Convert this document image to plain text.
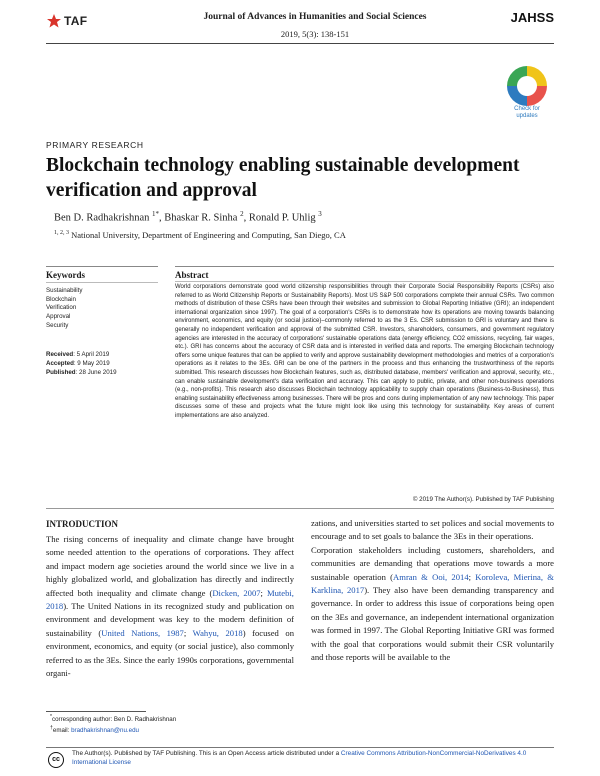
TAF	Journal of Advances in Humanities and Social Sciences
2019, 5(3): 138-151
JAHSS
Check for
updates
PRIMARY RESEARCH
Blockchain technology enabling sustainable development verification and approval
Ben D. Radhakrishnan $^{1*}$, Bhaskar R. Sinha $^2$, Ronald P. Uhlig $^3$
$^{1, 2, 3}$ National University, Department of Engineering and Computing, San Diego, CA
Keywords	Abstract
Sustainability
Blockchain
Verification
Approval
Security
Received: 5 April 2019
Accepted: 9 May 2019
Published: 28 June 2019
World corporations demonstrate good world citizenship responsibilities through their Corporate Social Responsibility Reports (CSRs) also referred to as World Citizenship Reports or Sustainability Reports). Most US S&P 500 corporations complete their annual CSRs. Two common methods of distribution of these CSRs have been through their websites and submission to Global Reporting Initiative (GRI); an independent international organization since 1997). The goal of a corporation's CSRs is to demonstrate how its operations are moving towards balancing environment, economics, and equity (or social justice)–commonly referred to as the 3 Es. CSR submission to GRI is voluntary and there is generally no independent verification and approval of the submitted CSR. Investors, shareholders, consumers, and government regulatory agencies are interested in the accuracy of corporations' sustainable operations data (energy efficiency, CO2 emissions, recycling, fair wages, etc.). GRI has concerns about the accuracy of CSR data and is interested in verified data and reports. The emerging Blockchain technology offers some unique features that can be applied to verify and approve sustainability development methodologies and metrics of a corporation's operations as it relates to the 3Es. GRI can be one of the partners in the process and thus enhancing the trustworthiness of the reports submitted. This research discusses how Blockchain features, such as, distributed database, members' verification and approval, security, etc., can enable sustainable development's data verification and accuracy. This can apply to public, private, and other non-business operations (e.g., non-profits). This research also discusses Blockchain technology applicability to supply chain operations (Business-to-Business), thus enabling sustainability effectiveness among businesses. There will be pros and cons during implementation of any new technology. This paper discusses some of these and projects what the future might look like using this technology for sustainability. Key areas of current implementations are also analyzed.
© 2019 The Author(s). Published by TAF Publishing
INTRODUCTION
The rising concerns of inequality and climate change have brought some needed attention to the operations of corporations. They affect and impact modern age societies around the world since we live in a highly globalized world, and globalization has directly and indirectly affected both inequality and climate change (Dicken, 2007; Mutebi, 2018). The United Nations in its recognized study and publication on environment and development was key to the modern definition of sustainability (United Nations, 1987; Wahyu, 2018) focused on environment, economics, and equity (or social justice), also commonly referred to as the 3Es. Since the early 1990s corporations, governmental organi-
zations, and universities started to set polices and social movements to encourage and to set goals to balance the 3Es in their operations.
Corporation stakeholders including customers, shareholders, and communities are demanding that operations move towards a more sustainable operation (Amran & Ooi, 2014; Koroleva, Mierina, & Karklina, 2017). They also have been demanding transparency and governance. In order to address this issue of corporations being open on the 3Es and governance, an independent international organization was formed in 1997. The Global Reporting Initiative GRI was formed with the goal that corporations would submit their CSR voluntarily and those reports will be available to the
*corresponding author: Ben D. Radhakrishnan
†email: bradhakrishnan@nu.edu
cc
The Author(s). Published by TAF Publishing. This is an Open Access article distributed under a Creative Commons Attribution-NonCommercial-NoDerivatives 4.0 International License
